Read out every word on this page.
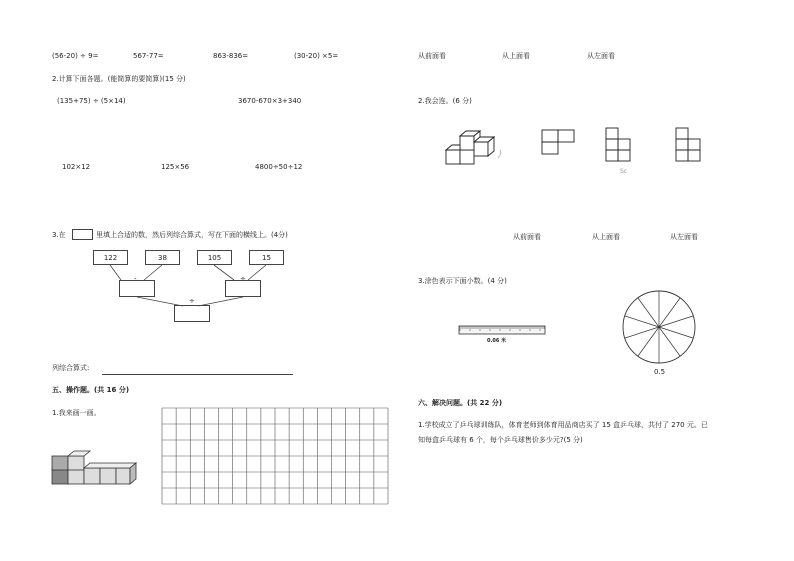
(56-20) ÷ 9=	567-77=	863-836=	(30-20) ×5=
2.计算下面各题。(能简算的要简算)(15 分)
(135+75) ÷ (5×14)	3670-670×3+340
102×12	125×56	4800÷50÷12
3.在	里填上合适的数，然后列综合算式，写在下面的横线上。(4分)
122	38	105	15
-	÷
÷
列综合算式:
五、操作题。(共 16 分)
1.我来画一画。
从前面看	从上面看	从左面看
2.我会连。(6 分)
Sc
从前面看	从上面看	从左面看
3.涂色表示下面小数。(4 分)
0.06 米
0.5
六、解决问题。(共 22 分)
1.学校成立了乒乓球训练队，体育老师到体育用品商店买了 15 盒乒乓球，共付了 270 元。已
知每盒乒乓球有 6 个，每个乒乓球售价多少元?(5 分)
